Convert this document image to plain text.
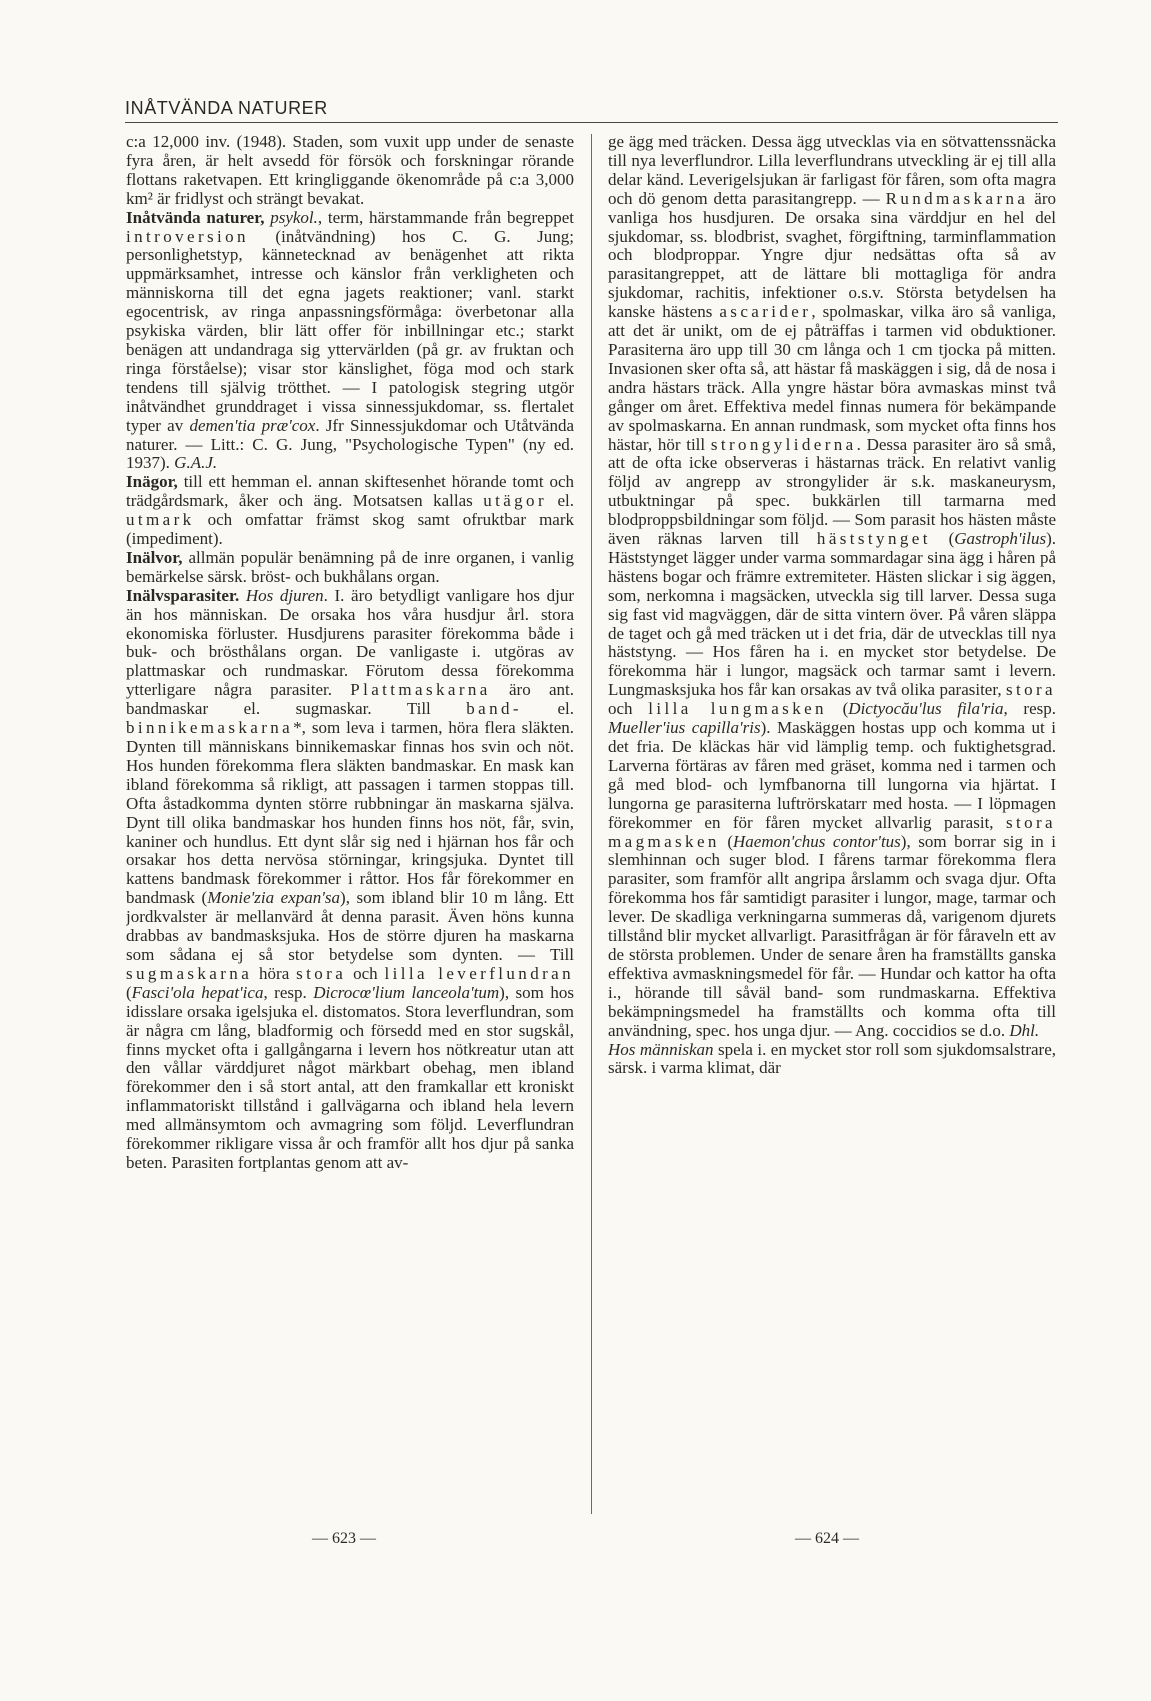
INÅTVÄNDA NATURER

c:a 12,000 inv. (1948). Staden, som vuxit upp under de senaste fyra åren, är helt avsedd för försök och forskningar rörande flottans raketvapen. Ett kringliggande ökenområde på c:a 3,000 km² är fridlyst och strängt bevakat.

Inåtvända naturer, psykol., term, härstammande från begreppet introversion (inåtvändning) hos C. G. Jung; personlighetstyp, kännetecknad av benägenhet att rikta uppmärksamhet, intresse och känslor från verkligheten och människorna till det egna jagets reaktioner; vanl. starkt egocentrisk, av ringa anpassningsförmåga: överbetonar alla psykiska värden, blir lätt offer för inbillningar etc.; starkt benägen att undandraga sig yttervärlden (på gr. av fruktan och ringa förståelse); visar stor känslighet, föga mod och stark tendens till självig trötthet. — I patologisk stegring utgör inåtvändhet grunddraget i vissa sinnessjukdomar, ss. flertalet typer av demen'tia præ'cox. Jfr Sinnessjukdomar och Utåtvända naturer. — Litt.: C. G. Jung, "Psychologische Typen" (ny ed. 1937). G.A.J.

Inägor, till ett hemman el. annan skiftesenhet hörande tomt och trädgårdsmark, åker och äng. Motsatsen kallas utägor el. utmark och omfattar främst skog samt ofruktbar mark (impediment).

Inälvor, allmän populär benämning på de inre organen, i vanlig bemärkelse särsk. bröst- och bukhålans organ.

Inälvsparasiter. Hos djuren. I. äro betydligt vanligare hos djur än hos människan. De orsaka hos våra husdjur årl. stora ekonomiska förluster. Husdjurens parasiter förekomma både i buk- och brösthålans organ. De vanligaste i. utgöras av plattmaskar och rundmaskar. Förutom dessa förekomma ytterligare några parasiter. Plattmaskarna äro ant. bandmaskar el. sugmaskar. Till band- el. binnikemaskarna*, som leva i tarmen, höra flera släkten. Dynten till människans binnikemaskar finnas hos svin och nöt. Hos hunden förekomma flera släkten bandmaskar. En mask kan ibland förekomma så rikligt, att passagen i tarmen stoppas till. Ofta åstadkomma dynten större rubbningar än maskarna själva. Dynt till olika bandmaskar hos hunden finns hos nöt, får, svin, kaniner och hundlus. Ett dynt slår sig ned i hjärnan hos får och orsakar hos detta nervösa störningar, kringsjuka. Dyntet till kattens bandmask förekommer i råttor. Hos får förekommer en bandmask (Monie'zia expan'sa), som ibland blir 10 m lång. Ett jordkvalster är mellanvärd åt denna parasit. Även höns kunna drabbas av bandmasksjuka. Hos de större djuren ha maskarna som sådana ej så stor betydelse som dynten. — Till sugmaskarna höra stora och lilla leverflundran (Fasci'ola hepat'ica, resp. Dicrocœ'lium lanceola'tum), som hos idisslare orsaka igelsjuka el. distomatos. Stora leverflundran, som är några cm lång, bladformig och försedd med en stor sugskål, finns mycket ofta i gallgångarna i levern hos nötkreatur utan att den vållar värddjuret något märkbart obehag, men ibland förekommer den i så stort antal, att den framkallar ett kroniskt inflammatoriskt tillstånd i gallvägarna och ibland hela levern med allmänsymtom och avmagring som följd. Leverflundran förekommer rikligare vissa år och framför allt hos djur på sanka beten. Parasiten fortplantas genom att av-

ge ägg med träcken. Dessa ägg utvecklas via en sötvattenssnäcka till nya leverflundror. Lilla leverflundrans utveckling är ej till alla delar känd. Leverigelsjukan är farligast för fåren, som ofta magra och dö genom detta parasitangrepp. — Rundmaskarna äro vanliga hos husdjuren. De orsaka sina värddjur en hel del sjukdomar, ss. blodbrist, svaghet, förgiftning, tarminflammation och blodproppar. Yngre djur nedsättas ofta så av parasitangreppet, att de lättare bli mottagliga för andra sjukdomar, rachitis, infektioner o.s.v. Största betydelsen ha kanske hästens ascarider, spolmaskar, vilka äro så vanliga, att det är unikt, om de ej påträffas i tarmen vid obduktioner. Parasiterna äro upp till 30 cm långa och 1 cm tjocka på mitten. Invasionen sker ofta så, att hästar få maskäggen i sig, då de nosa i andra hästars träck. Alla yngre hästar böra avmaskas minst två gånger om året. Effektiva medel finnas numera för bekämpande av spolmaskarna. En annan rundmask, som mycket ofta finns hos hästar, hör till strongyliderna. Dessa parasiter äro så små, att de ofta icke observeras i hästarnas träck. En relativt vanlig följd av angrepp av strongylider är s.k. maskaneurysm, utbuktningar på spec. bukkärlen till tarmarna med blodproppsbildningar som följd. — Som parasit hos hästen måste även räknas larven till häststynget (Gastroph'ilus). Häststynget lägger under varma sommardagar sina ägg i håren på hästens bogar och främre extremiteter. Hästen slickar i sig äggen, som, nerkomna i magsäcken, utveckla sig till larver. Dessa suga sig fast vid magväggen, där de sitta vintern över. På våren släppa de taget och gå med träcken ut i det fria, där de utvecklas till nya häststyng. — Hos fåren ha i. en mycket stor betydelse. De förekomma här i lungor, magsäck och tarmar samt i levern. Lungmasksjuka hos får kan orsakas av två olika parasiter, stora och lilla lungmasken (Dictyocău'lus fila'ria, resp. Mueller'ius capilla'ris). Maskäggen hostas upp och komma ut i det fria. De kläckas här vid lämplig temp. och fuktighetsgrad. Larverna förtäras av fåren med gräset, komma ned i tarmen och gå med blod- och lymfbanorna till lungorna via hjärtat. I lungorna ge parasiterna luftrörskatarr med hosta. — I löpmagen förekommer en för fåren mycket allvarlig parasit, stora magmasken (Haemon'chus contor'tus), som borrar sig in i slemhinnan och suger blod. I fårens tarmar förekomma flera parasiter, som framför allt angripa årslamm och svaga djur. Ofta förekomma hos får samtidigt parasiter i lungor, mage, tarmar och lever. De skadliga verkningarna summeras då, varigenom djurets tillstånd blir mycket allvarligt. Parasitfrågan är för fåraveln ett av de största problemen. Under de senare åren ha framställts ganska effektiva avmaskningsmedel för får. — Hundar och kattor ha ofta i., hörande till såväl band- som rundmaskarna. Effektiva bekämpningsmedel ha framställts och komma ofta till användning, spec. hos unga djur. — Ang. coccidios se d.o. Dhl.

Hos människan spela i. en mycket stor roll som sjukdomsalstrare, särsk. i varma klimat, där

— 623 —	— 624 —
